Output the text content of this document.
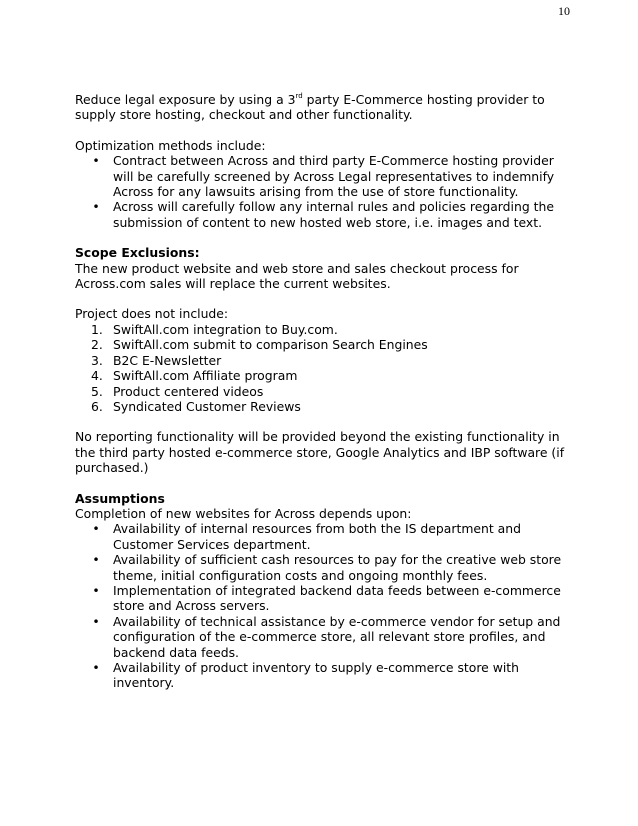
10

Reduce legal exposure by using a 3rd party E-Commerce hosting provider to supply store hosting, checkout and other functionality.

Optimization methods include:

• Contract between Across and third party E-Commerce hosting provider will be carefully screened by Across Legal representatives to indemnify Across for any lawsuits arising from the use of store functionality.
• Across will carefully follow any internal rules and policies regarding the submission of content to new hosted web store, i.e. images and text.

Scope Exclusions:

The new product website and web store and sales checkout process for Across.com sales will replace the current websites.

Project does not include:

1. SwiftAll.com integration to Buy.com.
2. SwiftAll.com submit to comparison Search Engines
3. B2C E-Newsletter
4. SwiftAll.com Affiliate program
5. Product centered videos
6. Syndicated Customer Reviews

No reporting functionality will be provided beyond the existing functionality in the third party hosted e-commerce store, Google Analytics and IBP software (if purchased.)

Assumptions

Completion of new websites for Across depends upon:

• Availability of internal resources from both the IS department and Customer Services department.
• Availability of sufficient cash resources to pay for the creative web store theme, initial configuration costs and ongoing monthly fees.
• Implementation of integrated backend data feeds between e-commerce store and Across servers.
• Availability of technical assistance by e-commerce vendor for setup and configuration of the e-commerce store, all relevant store profiles, and backend data feeds.
• Availability of product inventory to supply e-commerce store with inventory.
